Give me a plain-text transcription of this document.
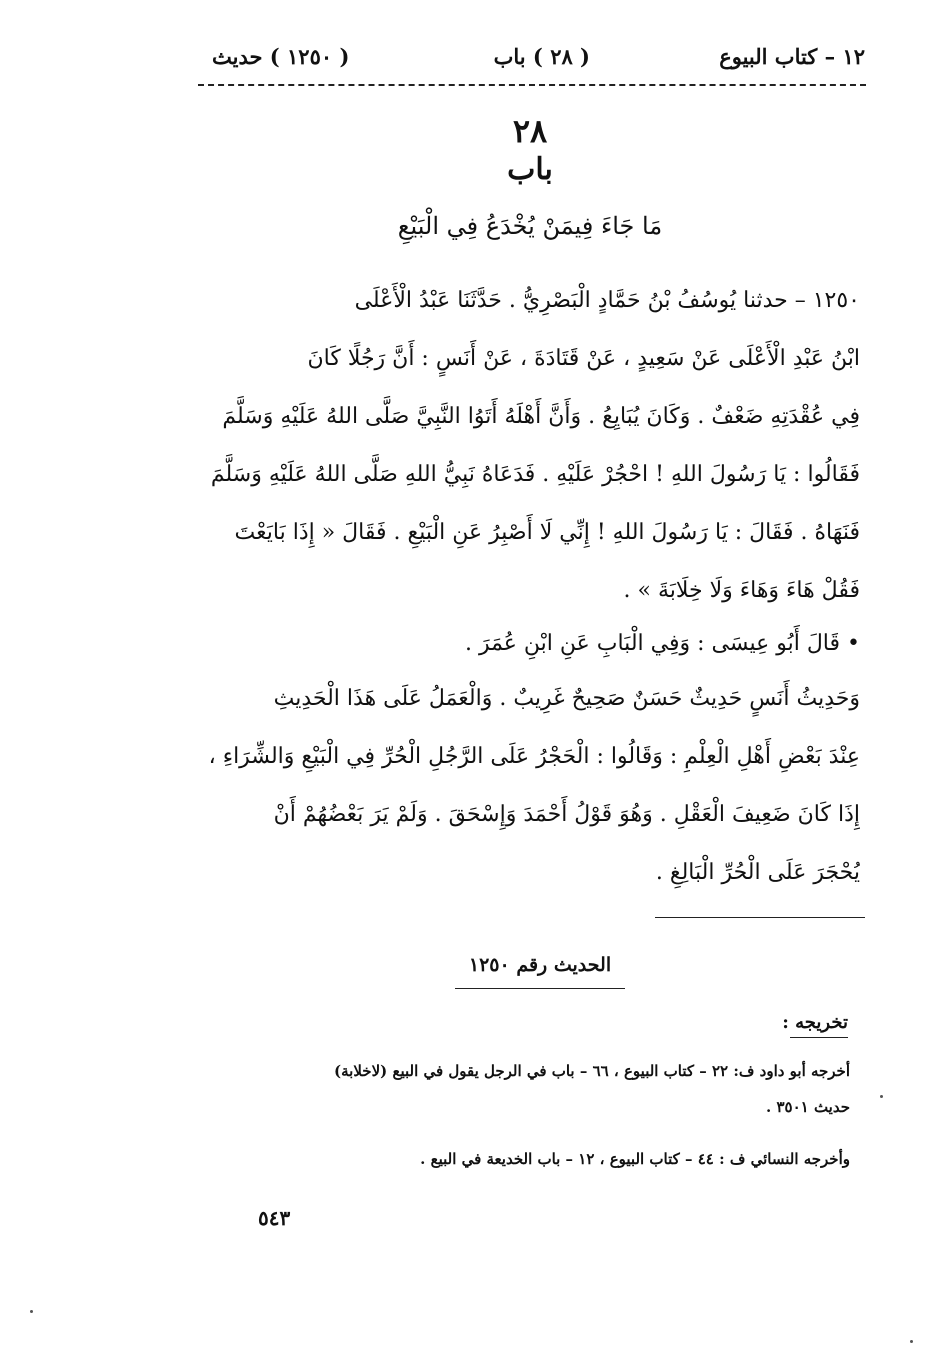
١٢ – كتاب البيوع
( ٢٨ ) باب
( ١٢٥٠ ) حديث
٢٨
باب
مَا جَاءَ فِيمَنْ يُخْدَعُ فِي الْبَيْعِ
١٢٥٠ – حدثنا يُوسُفُ بْنُ حَمَّادٍ الْبَصْرِيُّ . حَدَّثَنَا عَبْدُ الْأَعْلَى
ابْنُ عَبْدِ الْأَعْلَى عَنْ سَعِيدٍ ، عَنْ قَتَادَةَ ، عَنْ أَنَسٍ : أَنَّ رَجُلًا كَانَ
فِي عُقْدَتِهِ ضَعْفٌ . وَكَانَ يُبَايِعُ . وَأَنَّ أَهْلَهُ أَتَوُا النَّبِيَّ صَلَّى اللهُ عَلَيْهِ وَسَلَّمَ
فَقَالُوا : يَا رَسُولَ اللهِ ! احْجُرْ عَلَيْهِ . فَدَعَاهُ نَبِيُّ اللهِ صَلَّى اللهُ عَلَيْهِ وَسَلَّمَ
فَنَهَاهُ . فَقَالَ : يَا رَسُولَ اللهِ ! إِنِّي لَا أَصْبِرُ عَنِ الْبَيْعِ . فَقَالَ « إِذَا بَايَعْتَ
فَقُلْ هَاءَ وَهَاءَ وَلَا خِلَابَةَ » .
• قَالَ أَبُو عِيسَى : وَفِي الْبَابِ عَنِ ابْنِ عُمَرَ .
وَحَدِيثُ أَنَسٍ حَدِيثٌ حَسَنٌ صَحِيحٌ غَرِيبٌ . وَالْعَمَلُ عَلَى هَذَا الْحَدِيثِ
عِنْدَ بَعْضِ أَهْلِ الْعِلْمِ : وَقَالُوا : الْحَجْرُ عَلَى الرَّجُلِ الْحُرِّ فِي الْبَيْعِ وَالشِّرَاءِ ،
إِذَا كَانَ ضَعِيفَ الْعَقْلِ . وَهُوَ قَوْلُ أَحْمَدَ وَإِسْحَقَ . وَلَمْ يَرَ بَعْضُهُمْ أَنْ
يُحْجَرَ عَلَى الْحُرِّ الْبَالِغِ .
الحديث رقم ١٢٥٠
تخريجه :
أخرجه أبو داود ف: ٢٢ – كتاب البيوع ، ٦٦ – باب في الرجل يقول في البيع (لاخلابة)
حديث ٣٥٠١ .
وأخرجه النسائي ف : ٤٤ – كتاب البيوع ، ١٢ – باب الخديعة في البيع .
٥٤٣
